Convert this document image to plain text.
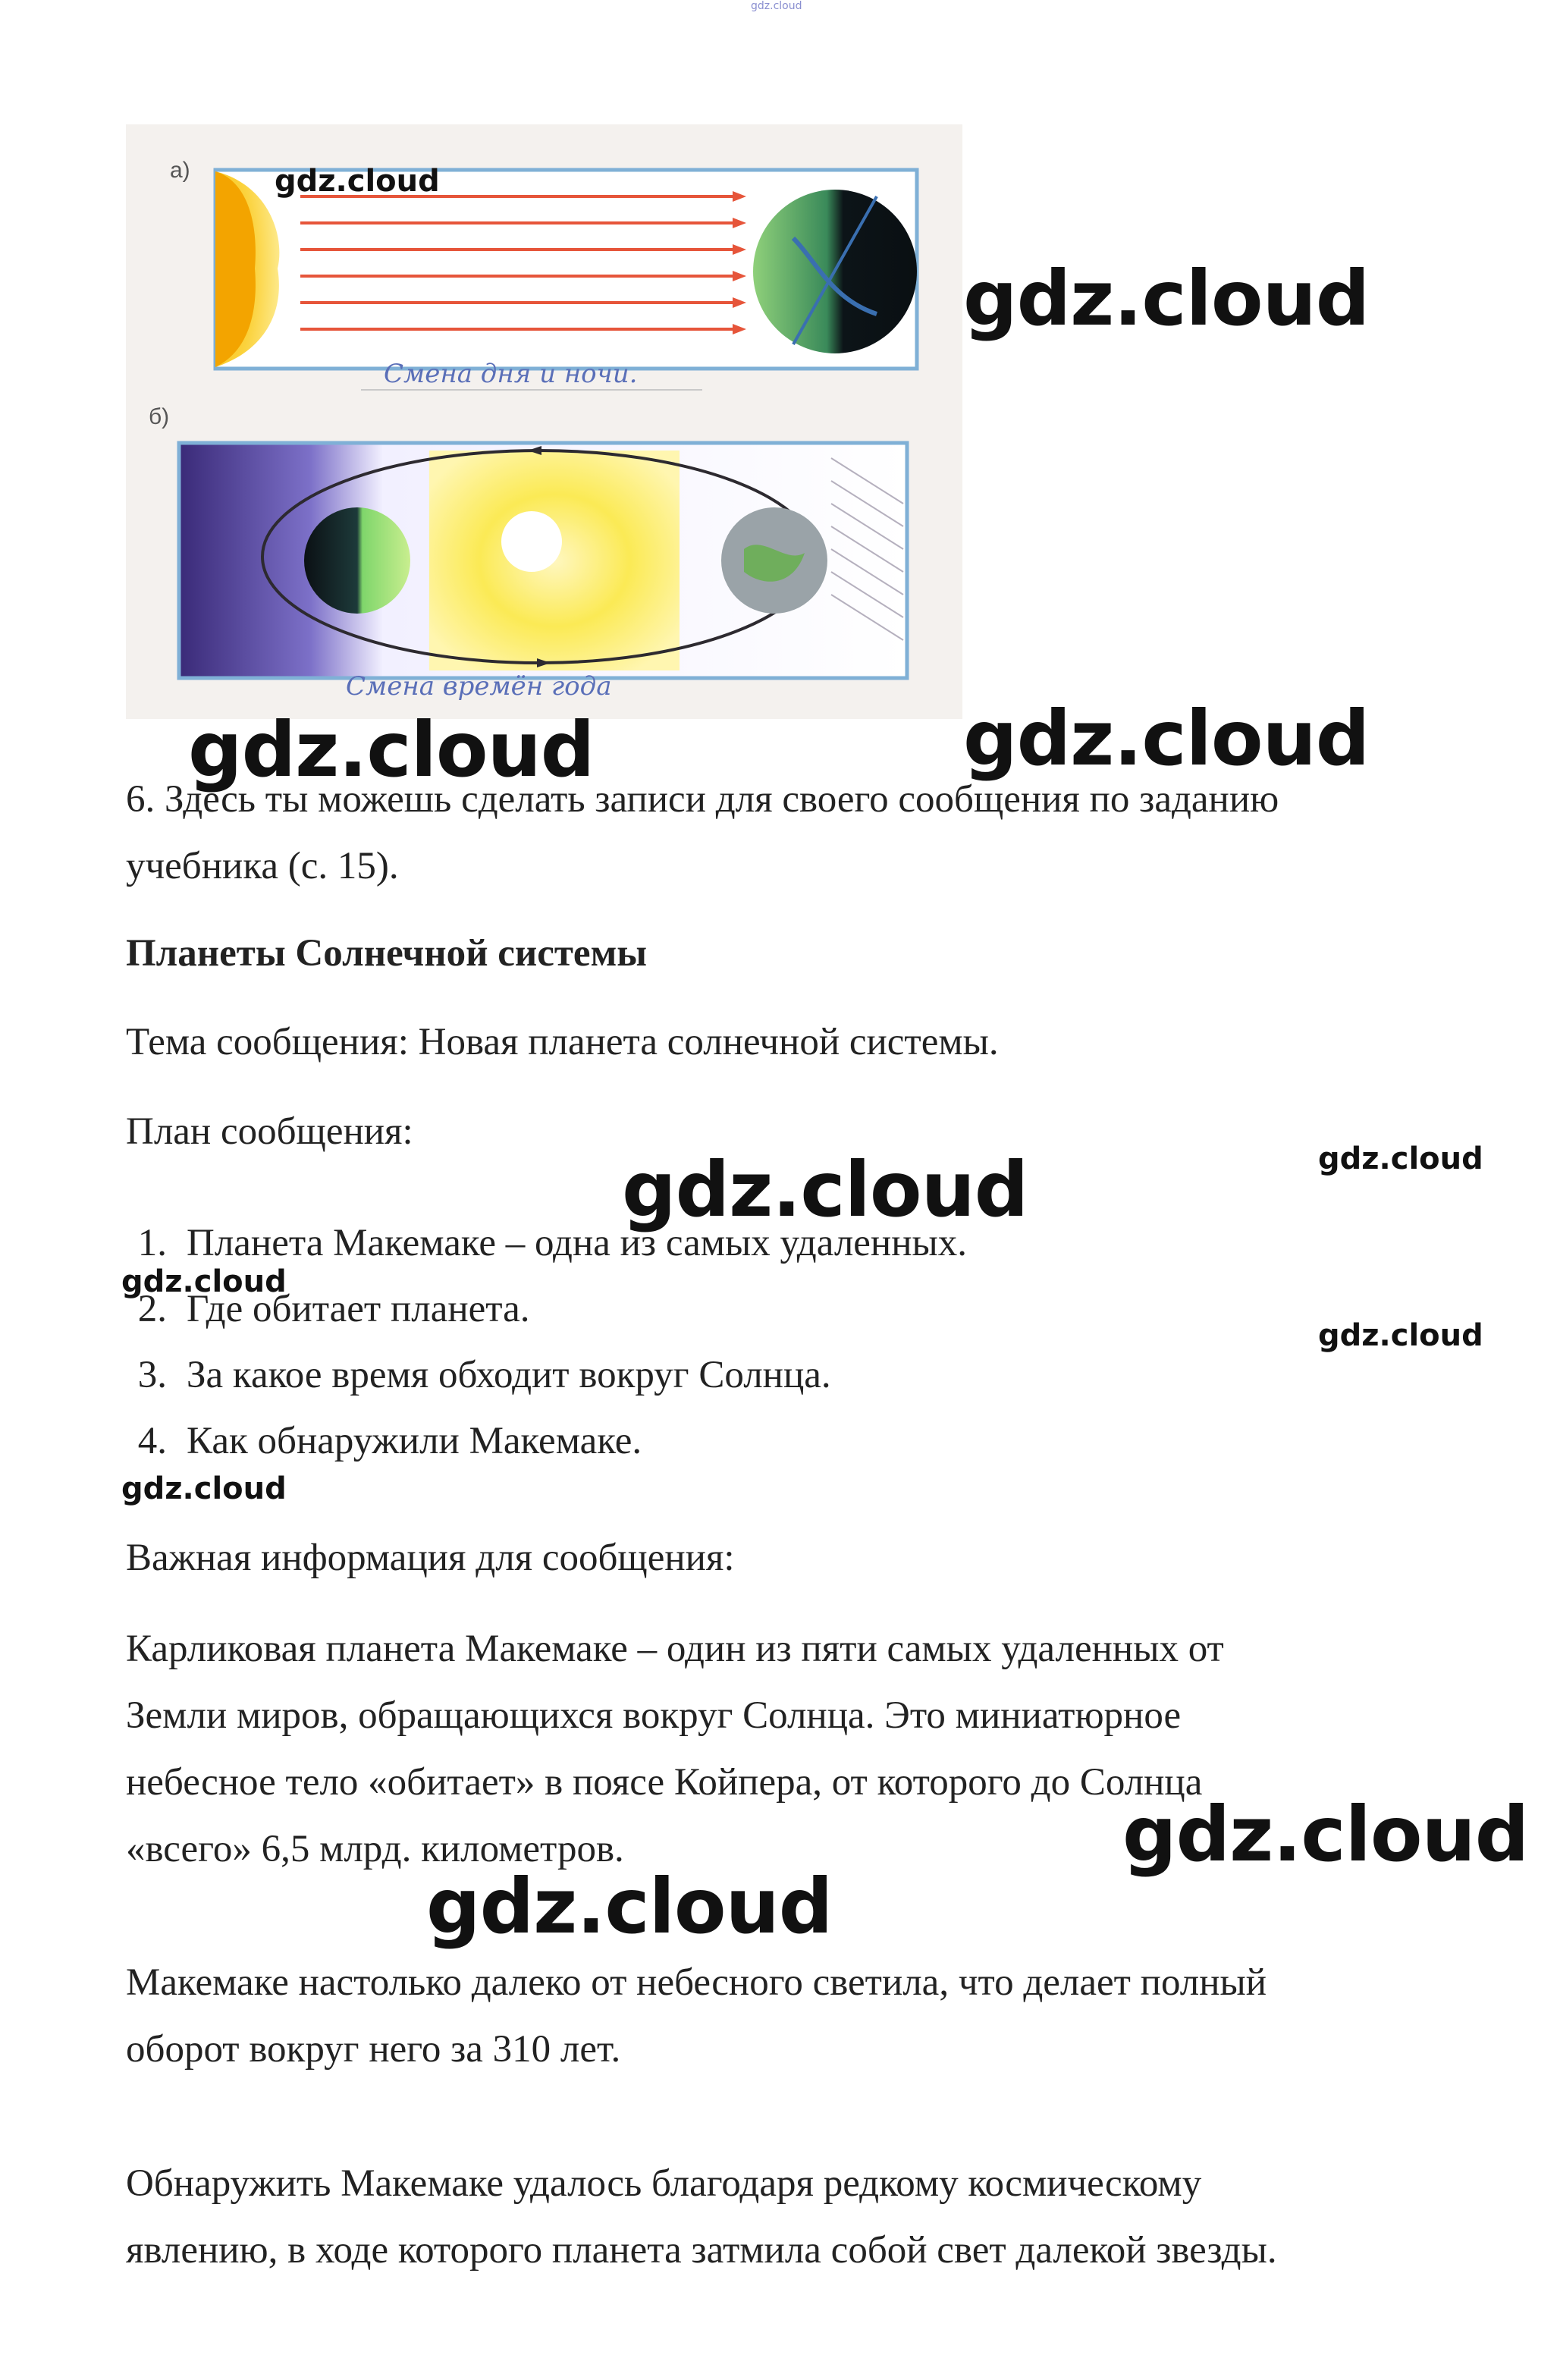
gdz.cloud
а)
Смена дня и ночи.
б)
Смена времён года
gdz.cloud
gdz.cloud
gdz.cloud	gdz.cloud
gdz.cloud
gdz.cloud
gdz.cloud
gdz.cloud
gdz.cloud
gdz.cloud
gdz.cloud
6. Здесь ты можешь сделать записи для своего сообщения по заданию
учебника (с. 15).
Планеты Солнечной системы
Тема сообщения: Новая планета солнечной системы.
План сообщения:
1. Планета Макемаке – одна из самых удаленных.
2. Где обитает планета.
3. За какое время обходит вокруг Солнца.
4. Как обнаружили Макемаке.
Важная информация для сообщения:
Карликовая планета Макемаке – один из пяти самых удаленных от
Земли миров, обращающихся вокруг Солнца. Это миниатюрное
небесное тело «обитает» в поясе Койпера, от которого до Солнца
«всего» 6,5 млрд. километров.
Макемаке настолько далеко от небесного светила, что делает полный
оборот вокруг него за 310 лет.
Обнаружить Макемаке удалось благодаря редкому космическому
явлению, в ходе которого планета затмила собой свет далекой звезды.
